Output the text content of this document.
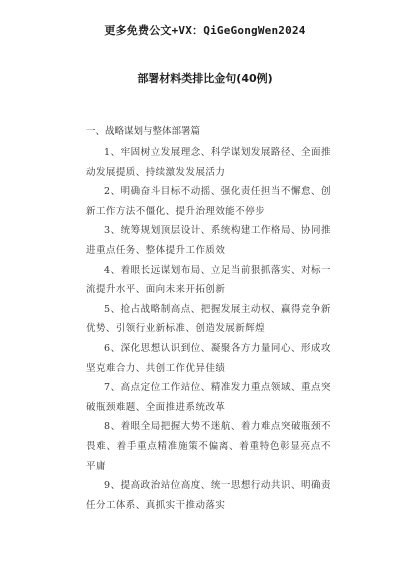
更多免费公文+VX：QiGeGongWen2024
部署材料类排比金句(40例)
一、战略谋划与整体部署篇

1、牢固树立发展理念、科学谋划发展路径、全面推动发展提质、持续激发发展活力

2、明确奋斗目标不动摇、强化责任担当不懈怠、创新工作方法不僵化、提升治理效能不停步

3、统筹规划顶层设计、系统构建工作格局、协同推进重点任务、整体提升工作质效

4、着眼长远谋划布局、立足当前狠抓落实、对标一流提升水平、面向未来开拓创新

5、抢占战略制高点、把握发展主动权、赢得竞争新优势、引领行业新标准、创造发展新辉煌

6、深化思想认识到位、凝聚各方力量同心、形成攻坚克难合力、共创工作优异佳绩

7、高点定位工作站位、精准发力重点领域、重点突破瓶颈难题、全面推进系统改革

8、着眼全局把握大势不迷航、着力难点突破瓶颈不畏难、着手重点精准施策不偏离、着重特色彰显亮点不平庸

9、提高政治站位高度、统一思想行动共识、明确责任分工体系、真抓实干推动落实
